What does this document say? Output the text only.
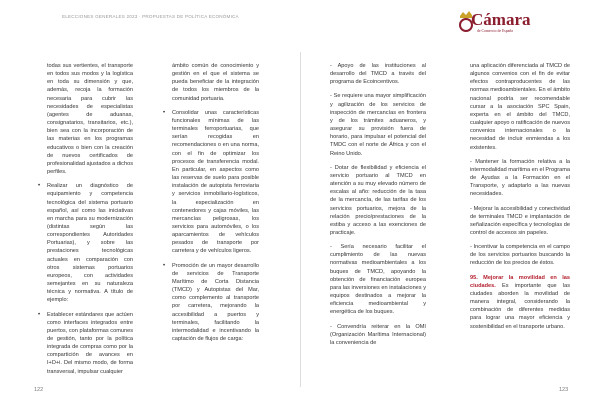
ELECCIONES GENERALES 2023 · PROPUESTAS DE POLÍTICA ECONÓMICA	Cámara
de Comercio de España

todas sus vertientes, el transporte en todos sus modos y la logística en toda su dimensión y que, además, recoja la formación necesaria para cubrir las necesidades de especialistas (agentes de aduanas, consignatarios, transitarios, etc.), bien sea con la incorporación de las materias en los programas educativos o bien con la creación de nuevos certificados de profesionalidad ajustados a dichos perfiles.

• Realizar un diagnóstico de equipamiento y competencia tecnológica del sistema portuario español, así como las iniciativas en marcha para su modernización (distintas según las correspondientes Autoridades Portuarias), y sobre las prestaciones tecnológicas actuales en comparación con otros sistemas portuarios europeos, con actividades semejantes en su naturaleza técnica y normativa. A título de ejemplo:

• Establecer estándares que actúen como interfaces integrados entre puertos, con plataformas comunes de gestión, tanto por la política integrada de compras como por la compartición de avances en I+D+i. Del mismo modo, de forma transversal, impulsar cualquier

ámbito común de conocimiento y gestión en el que el sistema se pueda beneficiar de la integración de todos los miembros de la comunidad portuaria.

• Consolidar unas características funcionales mínimas de las terminales ferroportuarias, que serían recogidas en recomendaciones o en una norma, con el fin de optimizar los procesos de transferencia modal. En particular, en aspectos como las reservas de suelo para posible instalación de autopista ferroviaria y servicios inmobiliario-logísticos, la especialización en contenedores y cajas móviles, las mercancías peligrosas, los servicios para automóviles, o los aparcamientos de vehículos pesados de transporte por carretera y de vehículos ligeros.

• Promoción de un mayor desarrollo de servicios de Transporte Marítimo de Corta Distancia (TMCD) y Autopistas del Mar, como complemento al transporte por carretera, mejorando la accesibilidad a puertos y terminales, facilitando la intermodalidad e incentivando la captación de flujos de carga:

- Apoyo de las instituciones al desarrollo del TMCD a través del programa de Ecoincentivos.

- Se requiere una mayor simplificación y agilización de los servicios de inspección de mercancías en frontera y de los trámites aduaneros, y asegurar su provisión fuera de horario, para impulsar el potencial del TMDC con el norte de África y con el Reino Unido.

- Dotar de flexibilidad y eficiencia el servicio portuario al TMCD en atención a su muy elevado número de escalas al año: reducción de la tasa de la mercancía, de las tarifas de los servicios portuarios, mejora de la relación precio/prestaciones de la estiba y acceso a las exenciones de practicaje.

- Sería necesario facilitar el cumplimiento de las nuevas normativas medioambientales a los buques de TMCD, apoyando la obtención de financiación europea para las inversiones en instalaciones y equipos destinados a mejorar la eficiencia medioambiental y energética de los buques.

- Convendría reiterar en la OMI (Organización Marítima Internacional) la conveniencia de

una aplicación diferenciada al TMCD de algunos convenios con el fin de evitar efectos contraproducentes de las normas medioambientales. En el ámbito nacional podría ser recomendable cursar a la asociación SPC Spain, experta en el ámbito del TMCD, cualquier apoyo o ratificación de nuevos convenios internacionales o la necesidad de incluir enmiendas a los existentes.

- Mantener la formación relativa a la intermodalidad marítima en el Programa de Ayudas a la Formación en el Transporte, y adaptarlo a las nuevas necesidades.

- Mejorar la accesibilidad y conectividad de terminales TMCD e implantación de señalización específica y tecnologías de control de accesos sin papeles.

- Incentivar la competencia en el campo de los servicios portuarios buscando la reducción de los precios de éstos.

95. Mejorar la movilidad en las ciudades. Es importante que las ciudades aborden la movilidad de manera integral, considerando la combinación de diferentes medidas para lograr una mayor eficiencia y sostenibilidad en el transporte urbano.

122	123
